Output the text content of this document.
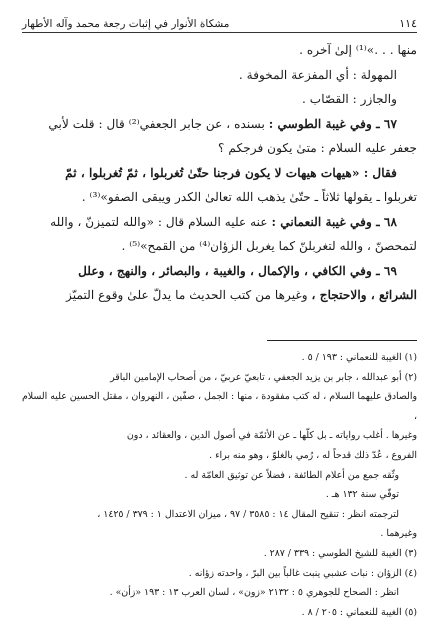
١١٤
مشكاة الأنوار في إثبات رجعة محمد وآله الأطهار

منها . . .»⁽¹⁾ إلىٰ آخره .

المهولة : أي المفزعة المخوفة .

والجازر : القصّاب .

٦٧ ـ وفي غيبة الطوسي : بسنده ، عن جابر الجعفي⁽²⁾ قال : قلت لأبي

جعفر عليه السلام : متىٰ يكون فرجكم ؟

فقال : «هيهات هيهات لا يكون فرجنا حتّىٰ تُغربلوا ، ثمّ تُغربلوا ، ثمّ

تغربلوا ـ يقولها ثلاثاً ـ حتّىٰ يذهب الله تعالىٰ الكدر ويبقى الصفو»⁽³⁾ .

٦٨ ـ وفي غيبة النعماني : عنه عليه السلام قال : «والله لتميزنّ ، والله

لتمحصنّ ، والله لتغربلنّ كما يغربل الزؤان⁽⁴⁾ من القمح»⁽⁵⁾ .

٦٩ ـ وفي الكافي ، والإكمال ، والغيبة ، والبصائر ، والنهج ، وعلل

الشرائع ، والاحتجاج ، وغيرها من كتب الحديث ما يدلّ علىٰ وقوع التميّز

(١) الغيبة للنعماني : ١٩٣ / ٥ .

(٢) أبو عبدالله ، جابر بن يزيد الجعفي ، تابعيّ عربيّ ، من أصحاب الإمامين الباقر

والصادق عليهما السلام ، له كتب مفقودة ، منها : الجمل ، صفّين ، النهروان ، مقتل الحسين عليه السلام ،

وغيرها . أغلب رواياته ـ بل كلّها ـ عن الأئمّة في أصول الدين ، والعقائد ، دون

الفروع ، عُدّ ذلك قدحاً له ، رُمي بالغلوّ ، وهو منه براء .

وثّقه جمع من أعلام الطائفة ، فضلاً عن توثيق العامّة له .

توفّي سنة ١٣٢ هـ .

لترجمته انظر : تنقيح المقال ١٤ : ٣٥٨٥ / ٩٧ ، ميزان الاعتدال ١ : ٣٧٩ / ١٤٢٥ ،

وغيرهما .

(٣) الغيبة للشيخ الطوسي : ٣٣٩ / ٢٨٧ .

(٤) الزؤان : نبات عشبي ينبت غالباً بين البرّ ، واحدته زؤانه .

انظر : الصحاح للجوهري ٥ : ٢١٣٢ «زون» ، لسان العرب ١٣ : ١٩٣ «زأن» .

(٥) الغيبة للنعماني : ٢٠٥ / ٨ .
